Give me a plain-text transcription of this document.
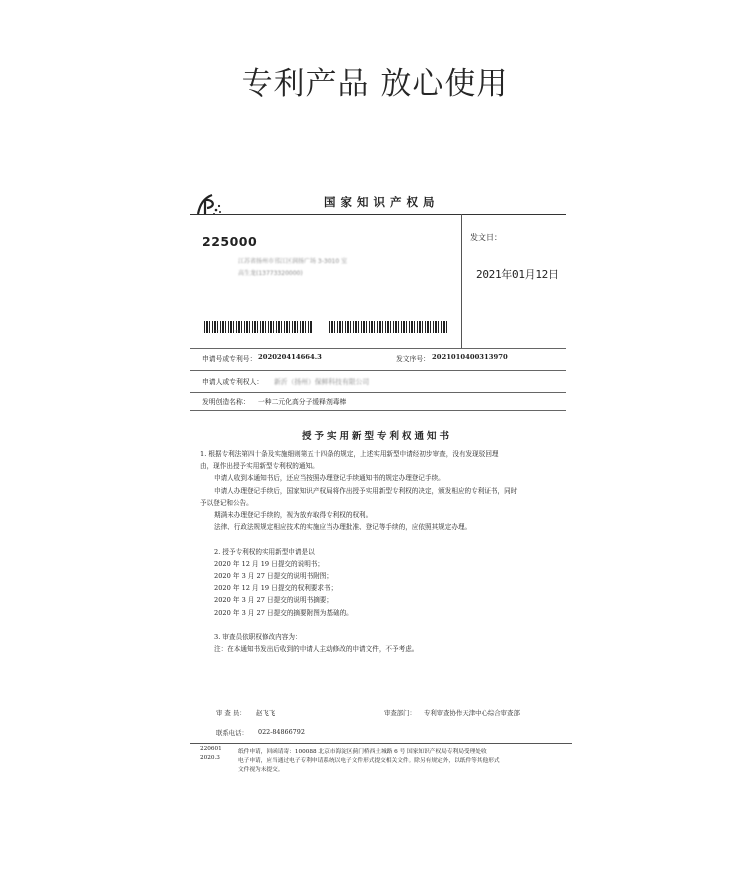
专利产品 放心使用
国家知识产权局
225000
江苏省扬州市邗江区润扬广场 3-3010 室
高生龙(13773320000)
发文日：
2021年01月12日
申请号或专利号： 202020414664.3	发文序号： 2021010400313970
申请人或专利权人： 新沂（扬州）保鲜科技有限公司
发明创造名称： 一种二元化高分子缓释剂毒棒
授予实用新型专利权通知书

1. 根据专利法第四十条及实施细则第五十四条的规定，上述实用新型申请经初步审查，没有发现驳回理

由，现作出授予实用新型专利权的通知。

申请人收到本通知书后，还应当按照办理登记手续通知书的规定办理登记手续。

申请人办理登记手续后，国家知识产权局将作出授予实用新型专利权的决定，颁发相应的专利证书，同时

予以登记和公告。

期满未办理登记手续的，视为放弃取得专利权的权利。

法律、行政法规规定相应技术的实施应当办理批准、登记等手续的，应依照其规定办理。

2. 授予专利权的实用新型申请是以

2020 年 12 月 19 日提交的说明书；

2020 年 3 月 27 日提交的说明书附图；

2020 年 12 月 19 日提交的权利要求书；

2020 年 3 月 27 日提交的说明书摘要；

2020 年 3 月 27 日提交的摘要附图为基础的。

3. 审查员依职权修改内容为：

注：在本通知书发出后收到的申请人主动修改的申请文件，不予考虑。

审 查 员： 赵飞飞	审查部门： 专利审查协作天津中心综合审查部
联系电话： 022-84866792
220601
2020.3
纸件申请，回函请寄：100088 北京市海淀区蓟门桥西土城路 6 号 国家知识产权局专利局受理处收
电子申请，应当通过电子专利申请系统以电子文件形式提交相关文件。除另有规定外，以纸件等其他形式
文件视为未提交。
